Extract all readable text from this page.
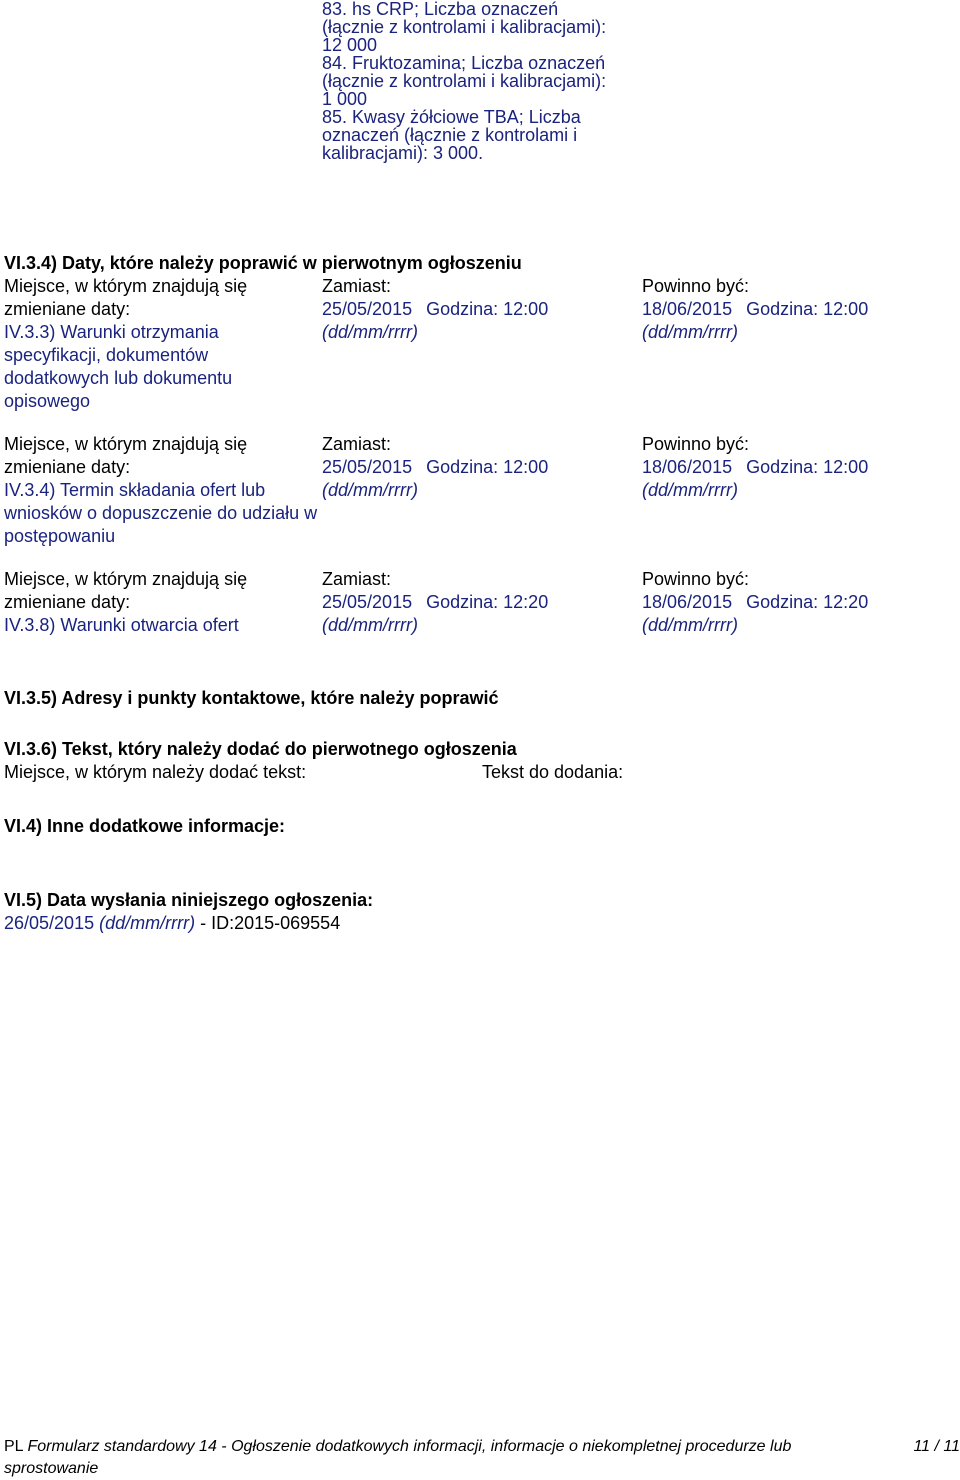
83. hs CRP; Liczba oznaczeń
(łącznie z kontrolami i kalibracjami):
12 000
84. Fruktozamina; Liczba oznaczeń
(łącznie z kontrolami i kalibracjami):
1 000
85. Kwasy żółciowe TBA; Liczba
oznaczeń (łącznie z kontrolami i
kalibracjami): 3 000.
VI.3.4) Daty, które należy poprawić w pierwotnym ogłoszeniu
Miejsce, w którym znajdują się
zmieniane daty:
IV.3.3) Warunki otrzymania specyfikacji, dokumentów dodatkowych lub dokumentu opisowego
Zamiast:
25/05/2015 Godzina: 12:00
(dd/mm/rrrr)
Powinno być:
18/06/2015 Godzina: 12:00
(dd/mm/rrrr)
Miejsce, w którym znajdują się
zmieniane daty:
IV.3.4) Termin składania ofert lub wniosków o dopuszczenie do udziału w postępowaniu
Zamiast:
25/05/2015 Godzina: 12:00
(dd/mm/rrrr)
Powinno być:
18/06/2015 Godzina: 12:00
(dd/mm/rrrr)
Miejsce, w którym znajdują się
zmieniane daty:
IV.3.8) Warunki otwarcia ofert
Zamiast:
25/05/2015 Godzina: 12:20
(dd/mm/rrrr)
Powinno być:
18/06/2015 Godzina: 12:20
(dd/mm/rrrr)
VI.3.5) Adresy i punkty kontaktowe, które należy poprawić
VI.3.6) Tekst, który należy dodać do pierwotnego ogłoszenia
Miejsce, w którym należy dodać tekst:	Tekst do dodania:
VI.4) Inne dodatkowe informacje:
VI.5) Data wysłania niniejszego ogłoszenia:
26/05/2015 (dd/mm/rrrr) - ID:2015-069554
PL Formularz standardowy 14 - Ogłoszenie dodatkowych informacji, informacje o niekompletnej procedurze lub
sprostowanie
11 / 11
